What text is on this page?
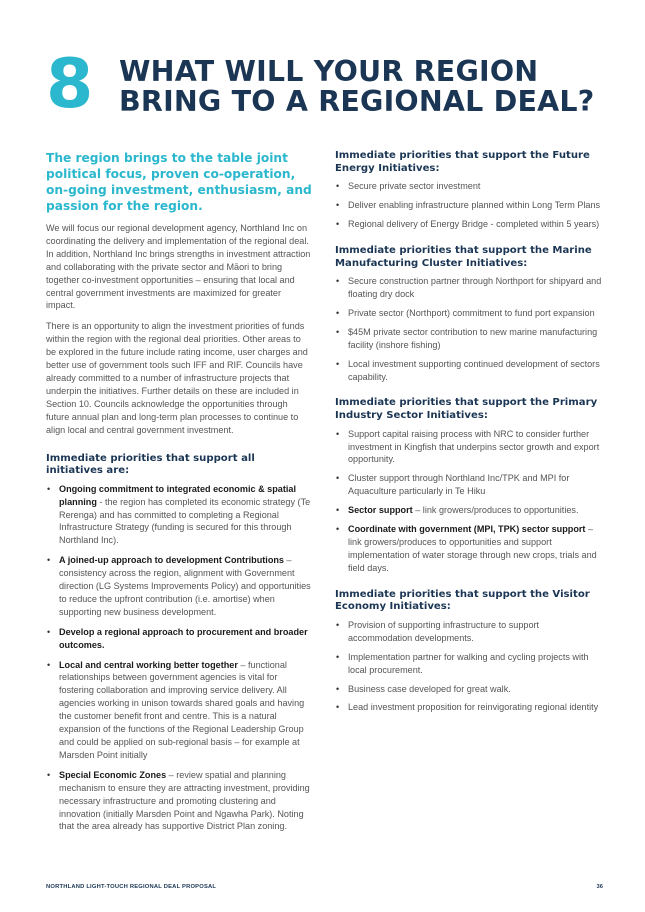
8 WHAT WILL YOUR REGION
BRING TO A REGIONAL DEAL?

The region brings to the table joint political focus, proven co-operation, on-going investment, enthusiasm, and passion for the region.

We will focus our regional development agency, Northland Inc on coordinating the delivery and implementation of the regional deal. In addition, Northland Inc brings strengths in investment attraction and collaborating with the private sector and Māori to bring together co-investment opportunities – ensuring that local and central government investments are maximized for greater impact.

There is an opportunity to align the investment priorities of funds within the region with the regional deal priorities. Other areas to be explored in the future include rating income, user charges and better use of government tools such IFF and RIF. Councils have already committed to a number of infrastructure projects that underpin the initiatives. Further details on these are included in Section 10. Councils acknowledge the opportunities through future annual plan and long-term plan processes to continue to align local and central government investment.

Immediate priorities that support all initiatives are:
• Ongoing commitment to integrated economic & spatial planning - the region has completed its economic strategy (Te Rerenga) and has committed to completing a Regional Infrastructure Strategy (funding is secured for this through Northland Inc).
• A joined-up approach to development Contributions – consistency across the region, alignment with Government direction (LG Systems Improvements Policy) and opportunities to reduce the upfront contribution (i.e. amortise) when supporting new business development.
• Develop a regional approach to procurement and broader outcomes.
• Local and central working better together – functional relationships between government agencies is vital for fostering collaboration and improving service delivery. All agencies working in unison towards shared goals and having the customer benefit front and centre. This is a natural expansion of the functions of the Regional Leadership Group and could be applied on sub-regional basis – for example at Marsden Point initially
• Special Economic Zones – review spatial and planning mechanism to ensure they are attracting investment, providing necessary infrastructure and promoting clustering and innovation (initially Marsden Point and Ngawha Park). Noting that the area already has supportive District Plan zoning.
Immediate priorities that support the Future Energy Initiatives:
• Secure private sector investment
• Deliver enabling infrastructure planned within Long Term Plans
• Regional delivery of Energy Bridge - completed within 5 years)
Immediate priorities that support the Marine Manufacturing Cluster Initiatives:
• Secure construction partner through Northport for shipyard and floating dry dock
• Private sector (Northport) commitment to fund port expansion
• $45M private sector contribution to new marine manufacturing facility (inshore fishing)
• Local investment supporting continued development of sectors capability.
Immediate priorities that support the Primary Industry Sector Initiatives:
• Support capital raising process with NRC to consider further investment in Kingfish that underpins sector growth and export opportunity.
• Cluster support through Northland Inc/TPK and MPI for Aquaculture particularly in Te Hiku
• Sector support – link growers/produces to opportunities.
• Coordinate with government (MPI, TPK) sector support – link growers/produces to opportunities and support implementation of water storage through new crops, trials and field days.
Immediate priorities that support the Visitor Economy Initiatives:
• Provision of supporting infrastructure to support accommodation developments.
• Implementation partner for walking and cycling projects with local procurement.
• Business case developed for great walk.
• Lead investment proposition for reinvigorating regional identity
NORTHLAND LIGHT-TOUCH REGIONAL DEAL PROPOSAL	36
